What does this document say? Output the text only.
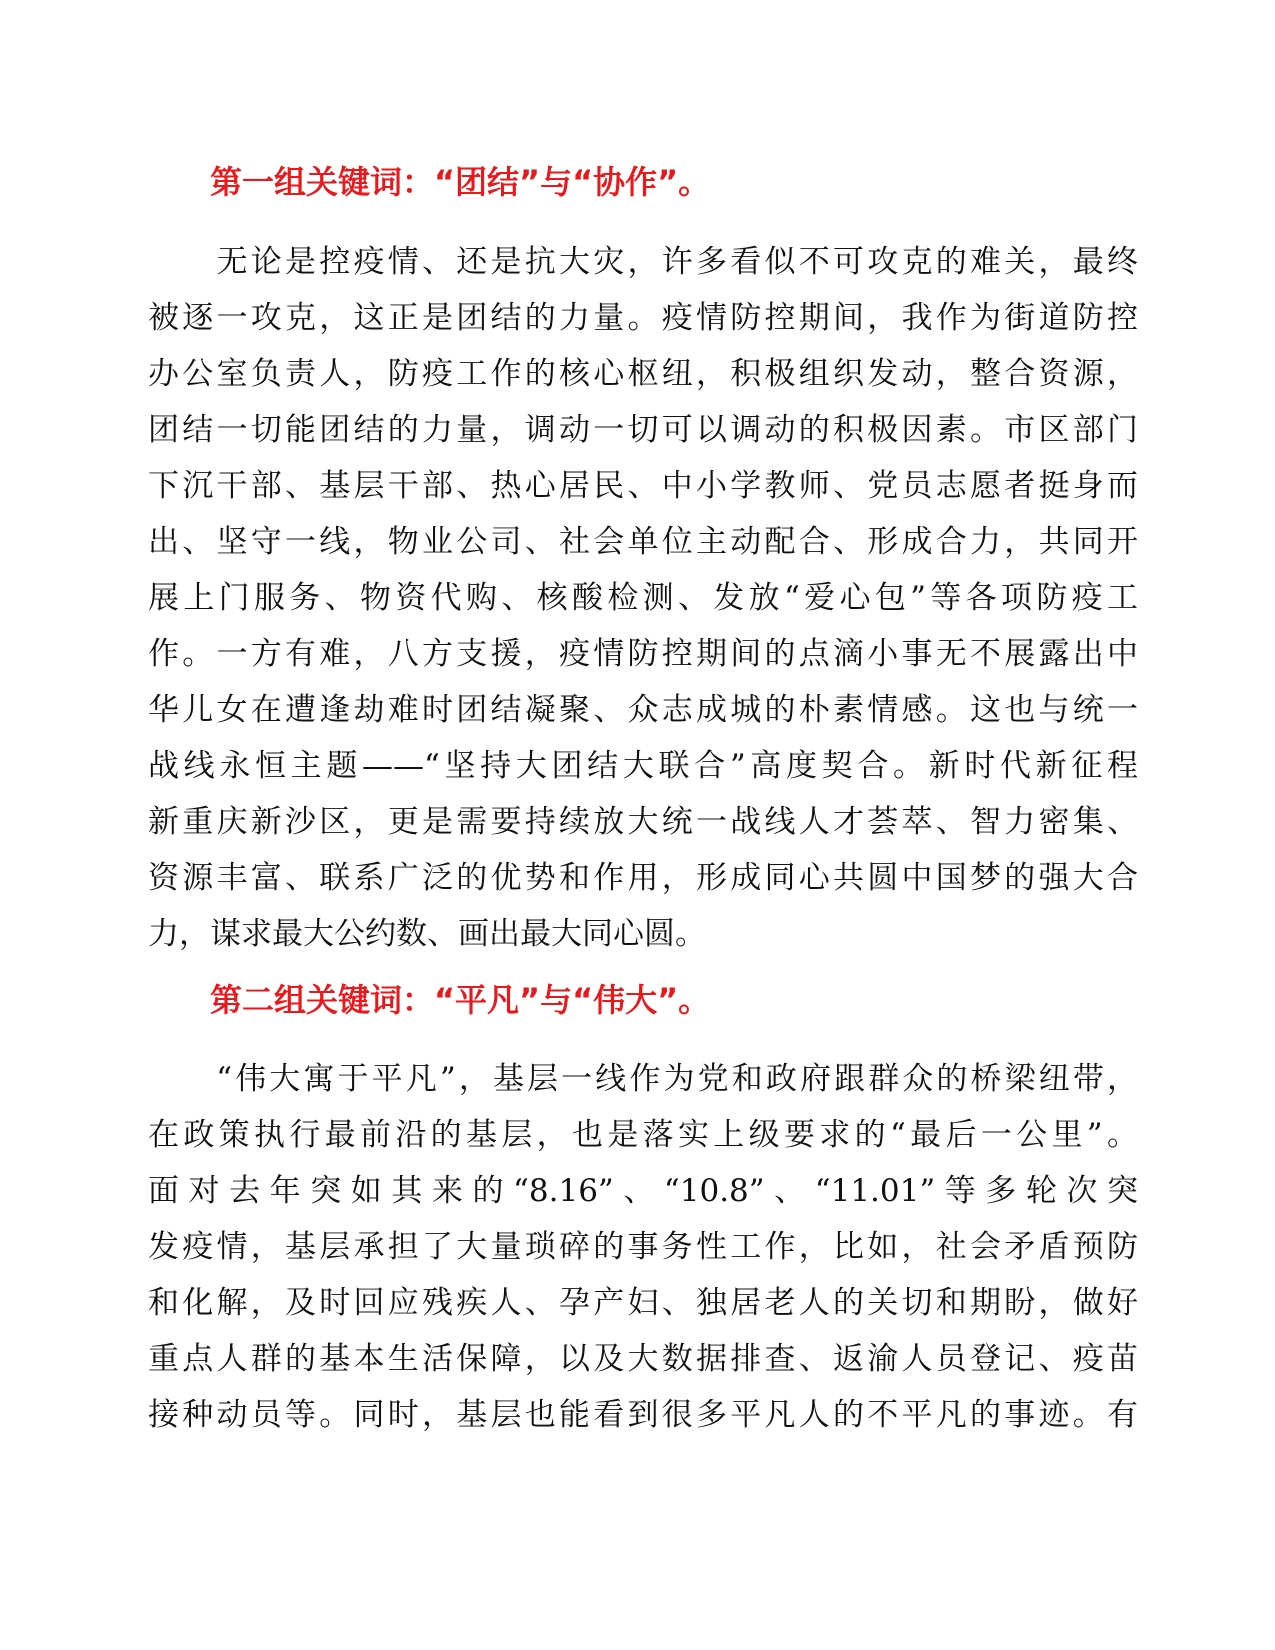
第一组关键词：“团结”与“协作”。
　　无论是控疫情、还是抗大灾，许多看似不可攻克的难关，最终
被逐一攻克，这正是团结的力量。疫情防控期间，我作为街道防控
办公室负责人，防疫工作的核心枢纽，积极组织发动，整合资源，
团结一切能团结的力量，调动一切可以调动的积极因素。市区部门
下沉干部、基层干部、热心居民、中小学教师、党员志愿者挺身而
出、坚守一线，物业公司、社会单位主动配合、形成合力，共同开
展上门服务、物资代购、核酸检测、发放“爱心包”等各项防疫工
作。一方有难，八方支援，疫情防控期间的点滴小事无不展露出中
华儿女在遭逢劫难时团结凝聚、众志成城的朴素情感。这也与统一
战线永恒主题——“坚持大团结大联合”高度契合。新时代新征程
新重庆新沙区，更是需要持续放大统一战线人才荟萃、智力密集、
资源丰富、联系广泛的优势和作用，形成同心共圆中国梦的强大合
力，谋求最大公约数、画出最大同心圆。
第二组关键词：“平凡”与“伟大”。
　　“伟大寓于平凡”，基层一线作为党和政府跟群众的桥梁纽带，
在政策执行最前沿的基层，也是落实上级要求的“最后一公里”。
面对去年突如其来的“8.16”、“10.8”、“11.01”等多轮次突
发疫情，基层承担了大量琐碎的事务性工作，比如，社会矛盾预防
和化解，及时回应残疾人、孕产妇、独居老人的关切和期盼，做好
重点人群的基本生活保障，以及大数据排查、返渝人员登记、疫苗
接种动员等。同时，基层也能看到很多平凡人的不平凡的事迹。有
